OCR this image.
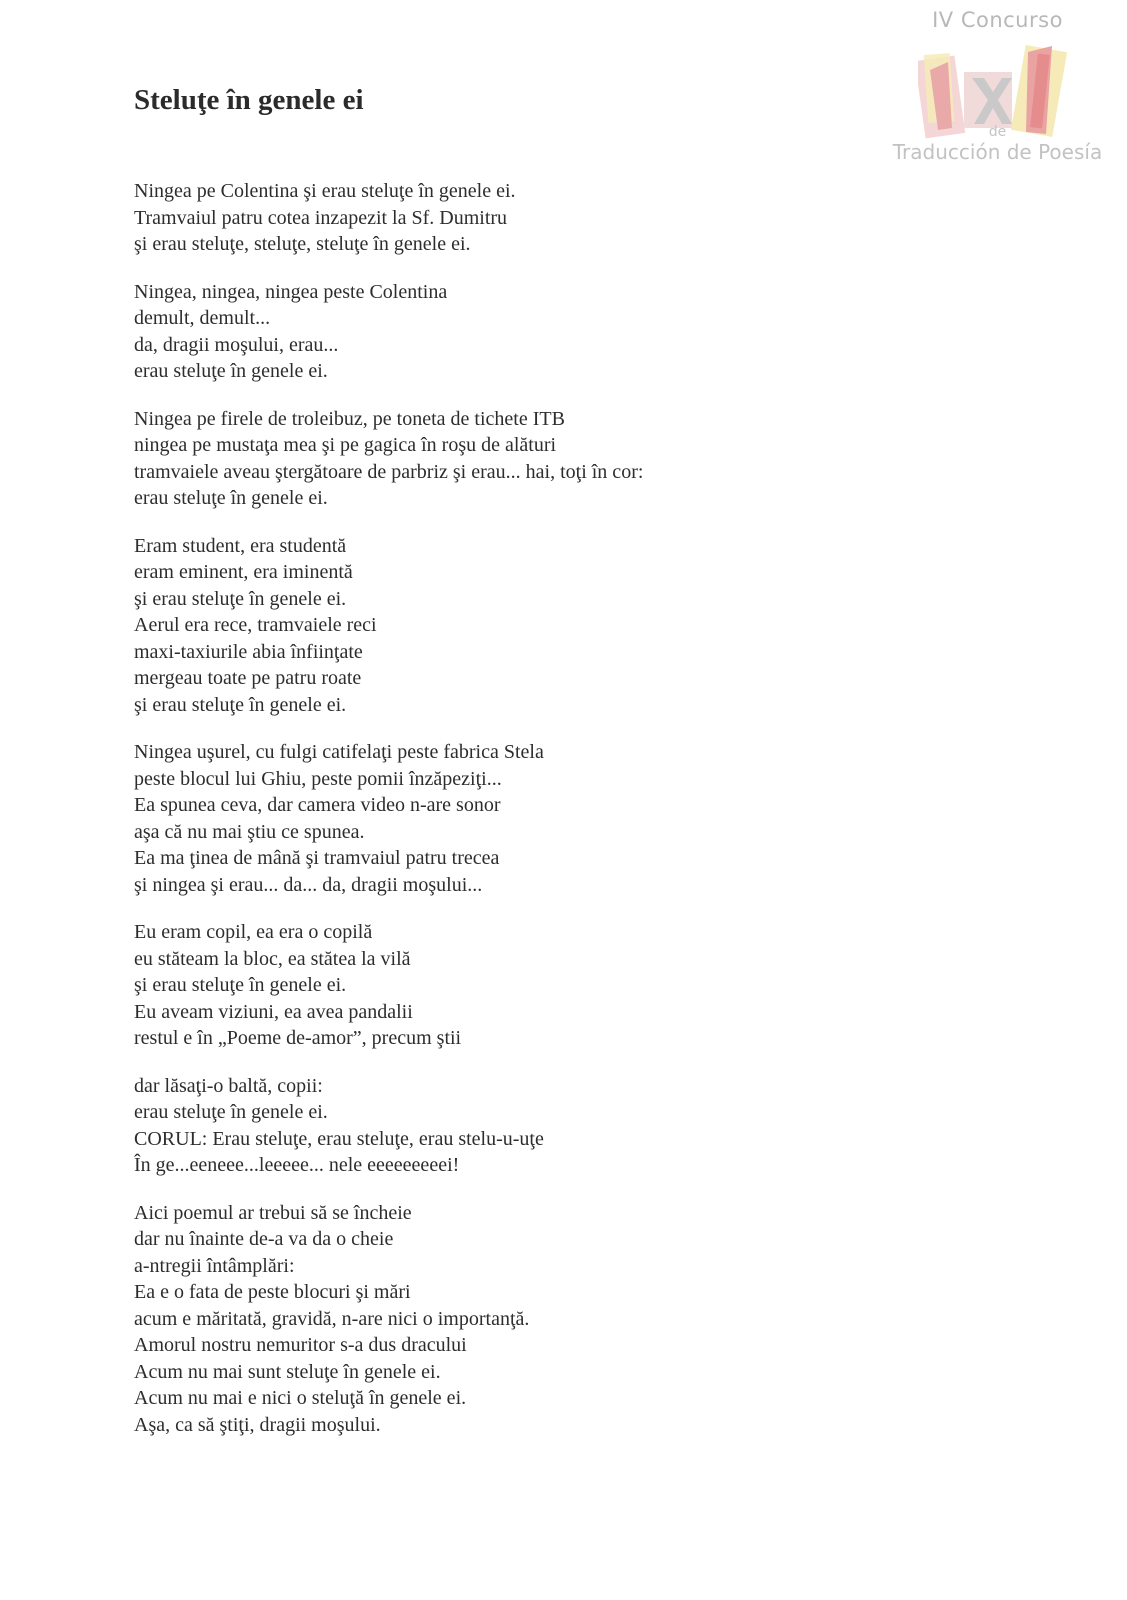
IV Concurso
de
Traducción de Poesía
Steluţe în genele ei
Ningea pe Colentina şi erau steluţe în genele ei.
Tramvaiul patru cotea inzapezit la Sf. Dumitru
şi erau steluţe, steluţe, steluţe în genele ei.
Ningea, ningea, ningea peste Colentina
demult, demult...
da, dragii moşului, erau...
erau steluţe în genele ei.
Ningea pe firele de troleibuz, pe toneta de tichete ITB
ningea pe mustaţa mea şi pe gagica în roşu de alături
tramvaiele aveau ştergătoare de parbriz şi erau... hai, toţi în cor:
erau steluţe în genele ei.
Eram student, era studentă
eram eminent, era iminentă
şi erau steluţe în genele ei.
Aerul era rece, tramvaiele reci
maxi-taxiurile abia înfiinţate
mergeau toate pe patru roate
şi erau steluţe în genele ei.
Ningea uşurel, cu fulgi catifelaţi peste fabrica Stela
peste blocul lui Ghiu, peste pomii înzăpeziţi...
Ea spunea ceva, dar camera video n-are sonor
aşa că nu mai ştiu ce spunea.
Ea ma ţinea de mână şi tramvaiul patru trecea
şi ningea şi erau... da... da, dragii moşului...
Eu eram copil, ea era o copilă
eu stăteam la bloc, ea stătea la vilă
şi erau steluţe în genele ei.
Eu aveam viziuni, ea avea pandalii
restul e în „Poeme de-amor”, precum ştii
dar lăsaţi-o baltă, copii:
erau steluţe în genele ei.
CORUL: Erau steluţe, erau steluţe, erau stelu-u-uţe
În ge...eeneee...leeeee... nele eeeeeeeeei!
Aici poemul ar trebui să se încheie
dar nu înainte de-a va da o cheie
a-ntregii întâmplări:
Ea e o fata de peste blocuri şi mări
acum e măritată, gravidă, n-are nici o importanţă.
Amorul nostru nemuritor s-a dus dracului
Acum nu mai sunt steluţe în genele ei.
Acum nu mai e nici o steluţă în genele ei.
Aşa, ca să ştiţi, dragii moşului.
